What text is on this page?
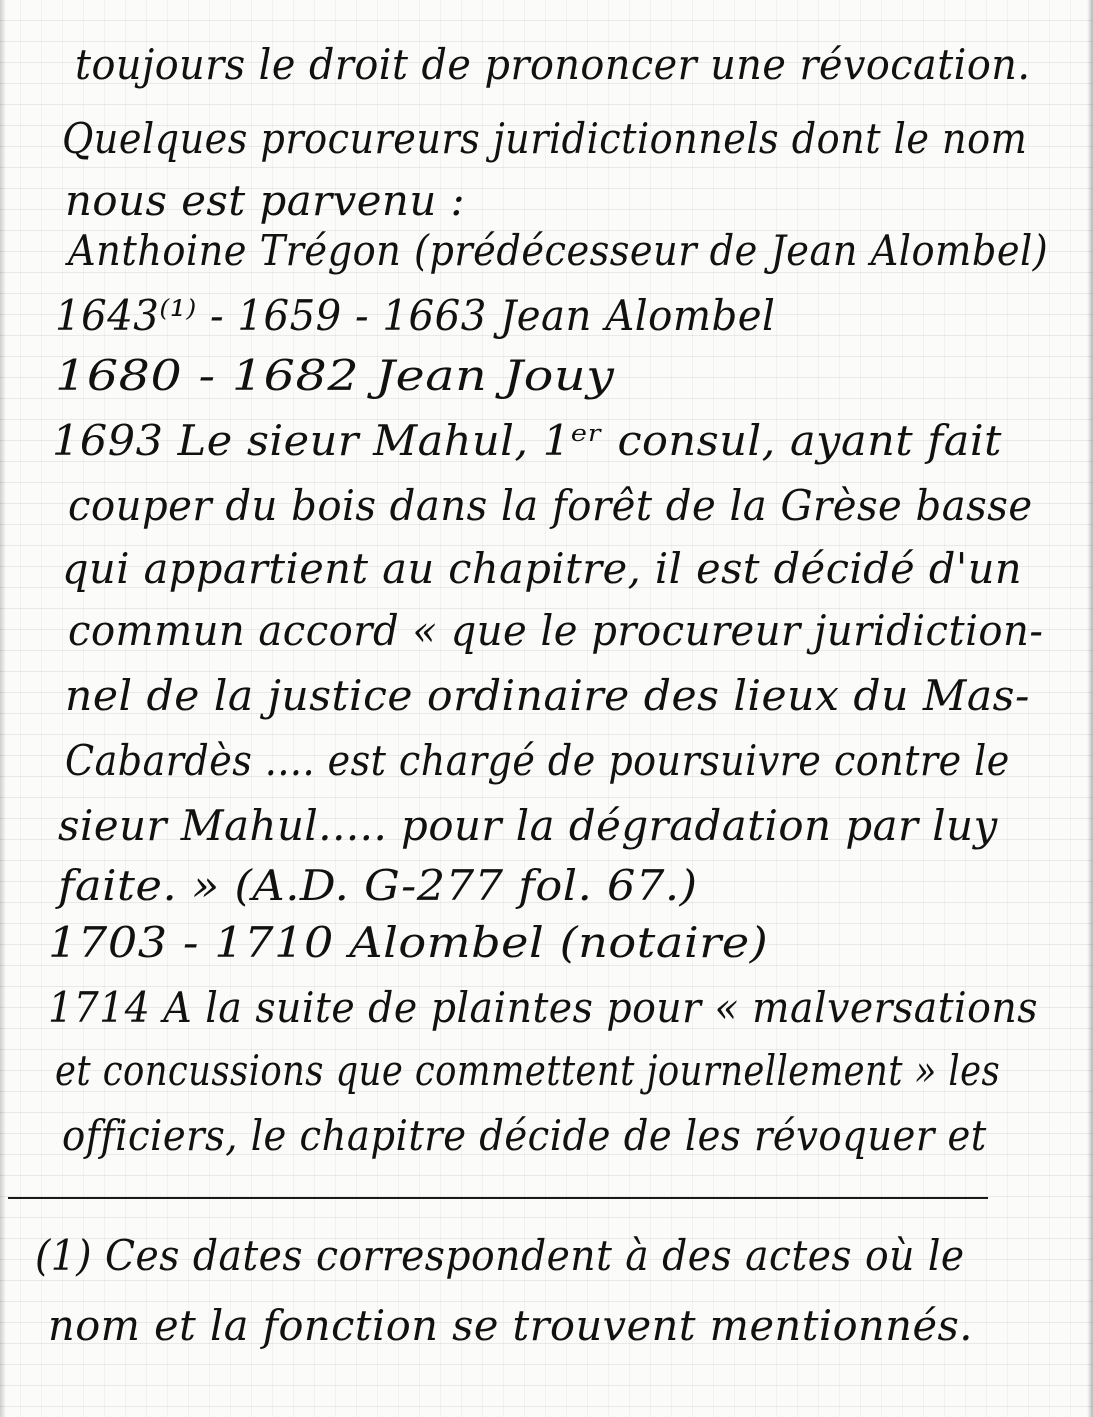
toujours le droit de prononcer une révocation.
Quelques procureurs juridictionnels dont le nom
nous est parvenu :
Anthoine Trégon (prédécesseur de Jean Alombel)
1643⁽¹⁾ - 1659 - 1663 Jean Alombel
1680 - 1682 Jean Jouy
1693 Le sieur Mahul, 1ᵉʳ consul, ayant fait
couper du bois dans la forêt de la Grèse basse
qui appartient au chapitre, il est décidé d'un
commun accord « que le procureur juridiction-
nel de la justice ordinaire des lieux du Mas-
Cabardès .... est chargé de poursuivre contre le
sieur Mahul..... pour la dégradation par luy
faite. » (A.D. G-277 fol. 67.)
1703 - 1710 Alombel (notaire)
1714 A la suite de plaintes pour « malversations
et concussions que commettent journellement » les
officiers, le chapitre décide de les révoquer et
(1) Ces dates correspondent à des actes où le
nom et la fonction se trouvent mentionnés.
